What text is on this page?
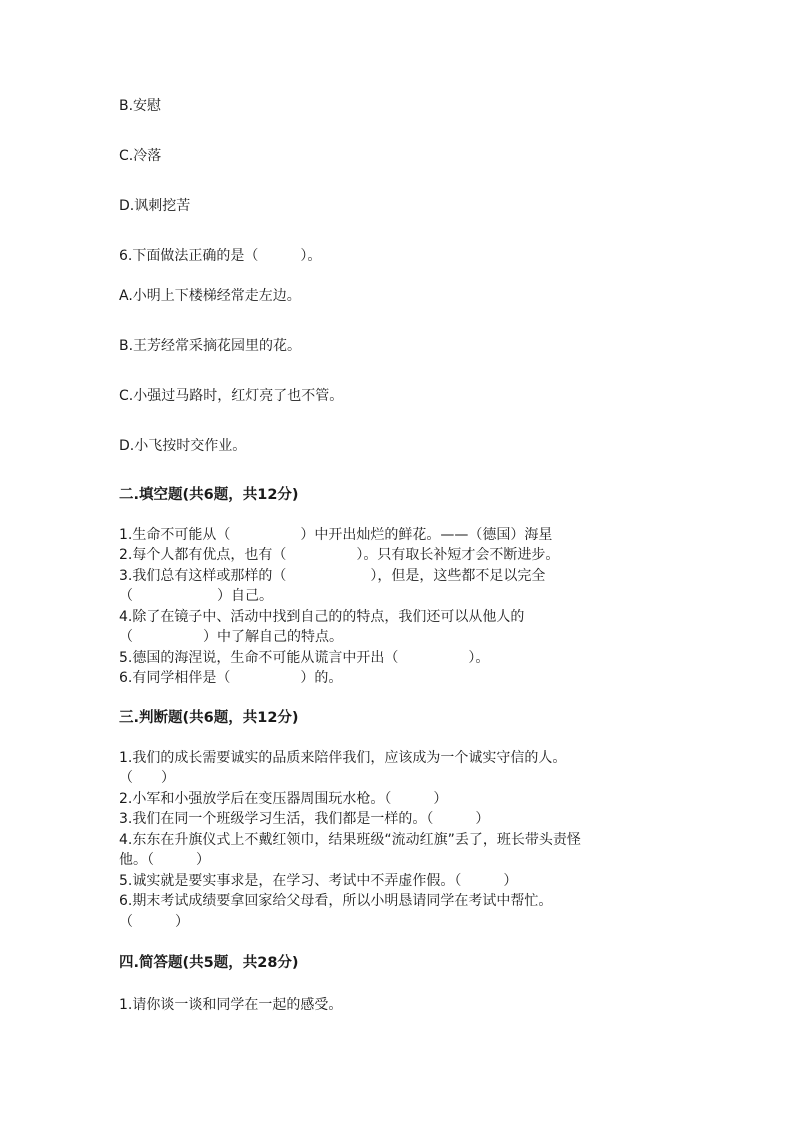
B.安慰

C.冷落

D.讽刺挖苦

6.下面做法正确的是（　　　）。

A.小明上下楼梯经常走左边。

B.王芳经常采摘花园里的花。

C.小强过马路时，红灯亮了也不管。

D.小飞按时交作业。

二.填空题(共6题，共12分)

1.生命不可能从（　　　　　）中开出灿烂的鲜花。——（德国）海星

2.每个人都有优点，也有（　　　　　）。只有取长补短才会不断进步。

3.我们总有这样或那样的（　　　　　　），但是，这些都不足以完全

（　　　　　　）自己。

4.除了在镜子中、活动中找到自己的的特点，我们还可以从他人的

（　　　　　）中了解自己的特点。

5.德国的海涅说，生命不可能从谎言中开出（　　　　　）。

6.有同学相伴是（　　　　　）的。

三.判断题(共6题，共12分)

1.我们的成长需要诚实的品质来陪伴我们，应该成为一个诚实守信的人。

（　　）

2.小军和小强放学后在变压器周围玩水枪。（　　　）

3.我们在同一个班级学习生活，我们都是一样的。（　　　）

4.东东在升旗仪式上不戴红领巾，结果班级“流动红旗”丢了，班长带头责怪

他。（　　　）

5.诚实就是要实事求是，在学习、考试中不弄虚作假。（　　　）

6.期末考试成绩要拿回家给父母看，所以小明恳请同学在考试中帮忙。

（　　　）

四.简答题(共5题，共28分)

1.请你谈一谈和同学在一起的感受。
